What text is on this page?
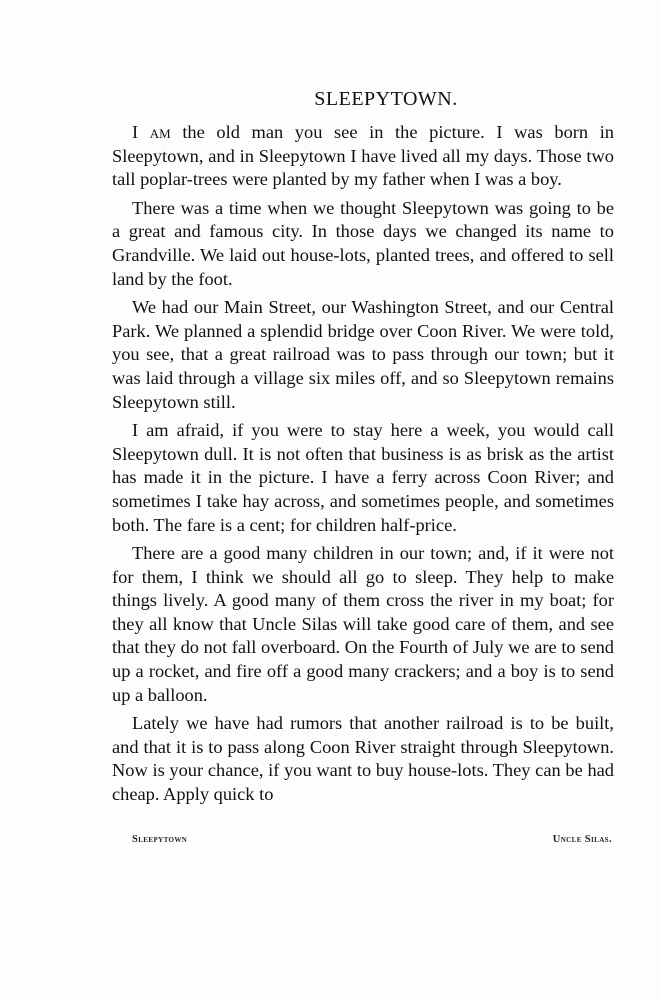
SLEEPYTOWN.

I am the old man you see in the picture. I was born in Sleepytown, and in Sleepytown I have lived all my days. Those two tall poplar-trees were planted by my father when I was a boy.

There was a time when we thought Sleepytown was going to be a great and famous city. In those days we changed its name to Grandville. We laid out house-lots, planted trees, and offered to sell land by the foot.

We had our Main Street, our Washington Street, and our Central Park. We planned a splendid bridge over Coon River. We were told, you see, that a great railroad was to pass through our town; but it was laid through a village six miles off, and so Sleepytown remains Sleepytown still.

I am afraid, if you were to stay here a week, you would call Sleepytown dull. It is not often that business is as brisk as the artist has made it in the picture. I have a ferry across Coon River; and sometimes I take hay across, and sometimes people, and sometimes both. The fare is a cent; for children half-price.

There are a good many children in our town; and, if it were not for them, I think we should all go to sleep. They help to make things lively. A good many of them cross the river in my boat; for they all know that Uncle Silas will take good care of them, and see that they do not fall overboard. On the Fourth of July we are to send up a rocket, and fire off a good many crackers; and a boy is to send up a balloon.

Lately we have had rumors that another railroad is to be built, and that it is to pass along Coon River straight through Sleepytown. Now is your chance, if you want to buy house-lots. They can be had cheap. Apply quick to

Sleepytown	Uncle Silas.
